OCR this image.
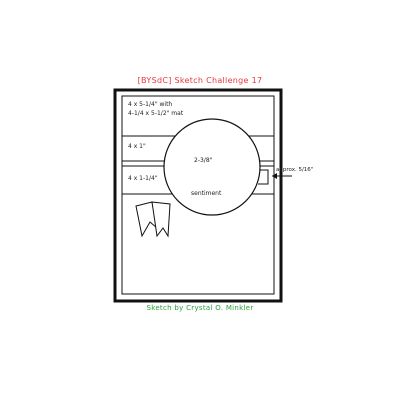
[BYSdC] Sketch Challenge 17
4 x 5-1/4" with
4-1/4 x 5-1/2" mat
4 x 1"
4 x 1-1/4"
2-3/8"
sentiment
approx. 5/16"
Sketch by Crystal O. Minkler
